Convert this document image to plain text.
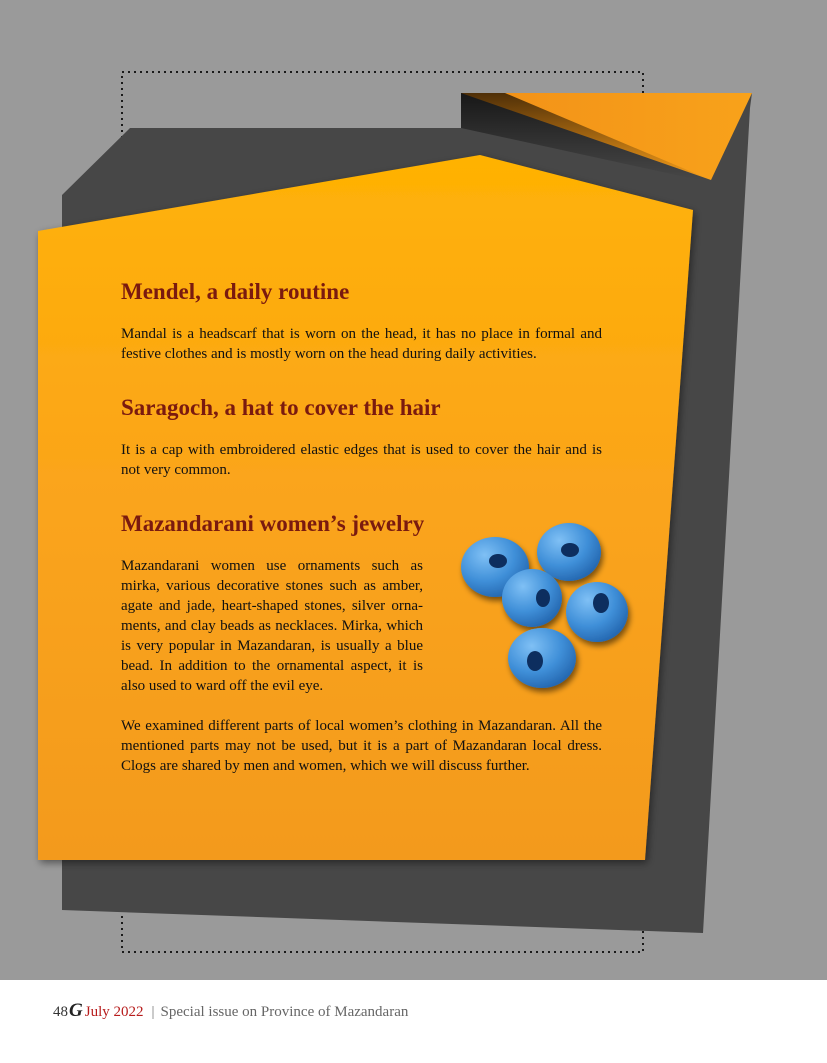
Mendel, a daily routine

Mandal is a headscarf that is worn on the head, it has no place in formal and festive clothes and is mostly worn on the head during daily activities.

Saragoch, a hat to cover the hair

It is a cap with embroidered elastic edges that is used to cover the hair and is not very common.

Mazandarani women’s jewelry

Mazandarani women use ornaments such as mirka, various decorative stones such as amber, agate and jade, heart-shaped stones, silver ornaments, and clay beads as necklaces. Mirka, which is very popular in Mazandaran, is usually a blue bead. In addition to the ornamental aspect, it is also used to ward off the evil eye.

We examined different parts of local women’s clothing in Mazandaran. All the mentioned parts may not be used, but it is a part of Mazandaran local dress. Clogs are shared by men and women, which we will discuss further.

48G July 2022 | Special issue on Province of Mazandaran
